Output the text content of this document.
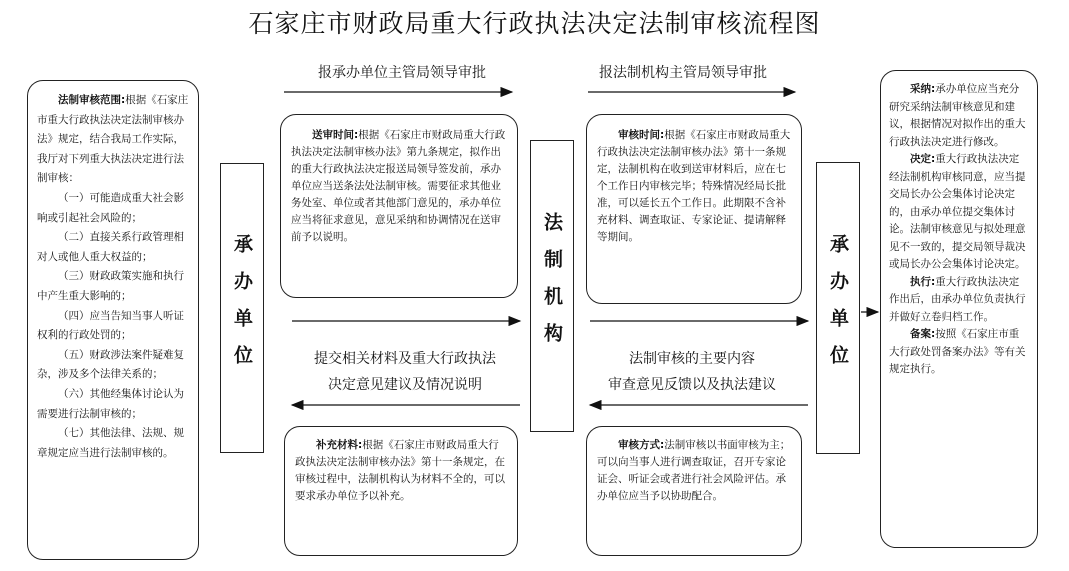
石家庄市财政局重大行政执法决定法制审核流程图

法制审核范围:根据《石家庄市重大行政执法决定法制审核办法》规定，结合我局工作实际，我厅对下列重大执法决定进行法制审核：

（一）可能造成重大社会影响或引起社会风险的；

（二）直接关系行政管理相对人或他人重大权益的；

（三）财政政策实施和执行中产生重大影响的；

（四）应当告知当事人听证权利的行政处罚的；

（五）财政涉法案件疑难复杂，涉及多个法律关系的；

（六）其他经集体讨论认为需要进行法制审核的；

（七）其他法律、法规、规章规定应当进行法制审核的。

承办单位	法制机构	承办单位
报承办单位主管局领导审批	报法制机构主管局领导审批
提交相关材料及重大行政执法
决定意见建议及情况说明
法制审核的主要内容
审查意见反馈以及执法建议

送审时间:根据《石家庄市财政局重大行政执法决定法制审核办法》第九条规定，拟作出的重大行政执法决定报送局领导签发前，承办单位应当送条法处法制审核。需要征求其他业务处室、单位或者其他部门意见的，承办单位应当将征求意见，意见采纳和协调情况在送审前予以说明。

审核时间:根据《石家庄市财政局重大行政执法决定法制审核办法》第十一条规定，法制机构在收到送审材料后，应在七个工作日内审核完毕；特殊情况经局长批准，可以延长五个工作日。此期限不含补充材料、调查取证、专家论证、提请解释等期间。

补充材料:根据《石家庄市财政局重大行政执法决定法制审核办法》第十一条规定，在审核过程中，法制机构认为材料不全的，可以要求承办单位予以补充。

审核方式:法制审核以书面审核为主；可以向当事人进行调查取证，召开专家论证会、听证会或者进行社会风险评估。承办单位应当予以协助配合。

采纳:承办单位应当充分研究采纳法制审核意见和建议，根据情况对拟作出的重大行政执法决定进行修改。

决定:重大行政执法决定经法制机构审核同意，应当提交局长办公会集体讨论决定的，由承办单位提交集体讨论。法制审核意见与拟处理意见不一致的，提交局领导裁决或局长办公会集体讨论决定。

执行:重大行政执法决定作出后，由承办单位负责执行并做好立卷归档工作。

备案:按照《石家庄市重大行政处罚备案办法》等有关规定执行。
